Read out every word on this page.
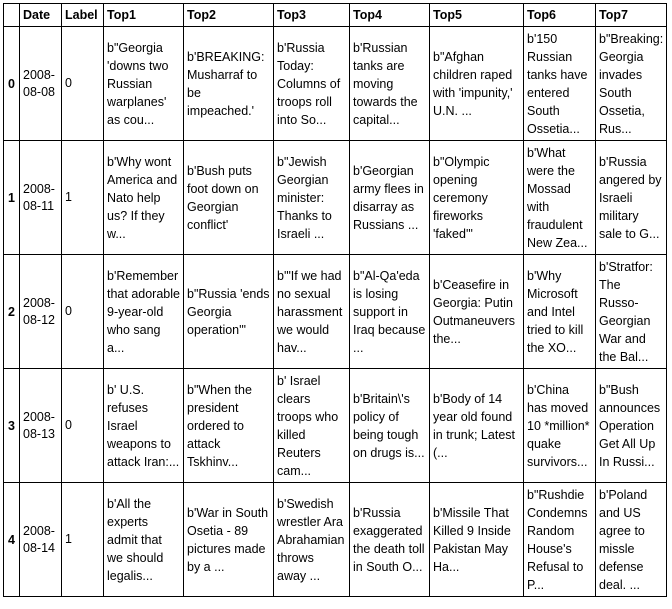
	Date	Label	Top1	Top2	Top3	Top4	Top5	Top6	Top7
0	2008-08-08	0	b"Georgia 'downs two Russian warplanes' as cou...	b'BREAKING: Musharraf to be impeached.'	b'Russia Today: Columns of troops roll into So...	b'Russian tanks are moving towards the capital...	b"Afghan children raped with 'impunity,' U.N. ...	b'150 Russian tanks have entered South Ossetia...	b"Breaking: Georgia invades South Ossetia, Rus...
1	2008-08-11	1	b'Why wont America and Nato help us? If they w...	b'Bush puts foot down on Georgian conflict'	b"Jewish Georgian minister: Thanks to Israeli ...	b'Georgian army flees in disarray as Russians ...	b"Olympic opening ceremony fireworks 'faked'"	b'What were the Mossad with fraudulent New Zea...	b'Russia angered by Israeli military sale to G...
2	2008-08-12	0	b'Remember that adorable 9-year-old who sang a...	b"Russia 'ends Georgia operation'"	b'"If we had no sexual harassment we would hav...	b"Al-Qa'eda is losing support in Iraq because ...	b'Ceasefire in Georgia: Putin Outmaneuvers the...	b'Why Microsoft and Intel tried to kill the XO...	b'Stratfor: The Russo-Georgian War and the Bal...
3	2008-08-13	0	b' U.S. refuses Israel weapons to attack Iran:...	b"When the president ordered to attack Tskhinv...	b' Israel clears troops who killed Reuters cam...	b'Britain\'s policy of being tough on drugs is...	b'Body of 14 year old found in trunk; Latest (...	b'China has moved 10 *million* quake survivors...	b"Bush announces Operation Get All Up In Russi...
4	2008-08-14	1	b'All the experts admit that we should legalis...	b'War in South Osetia - 89 pictures made by a ...	b'Swedish wrestler Ara Abrahamian throws away ...	b'Russia exaggerated the death toll in South O...	b'Missile That Killed 9 Inside Pakistan May Ha...	b"Rushdie Condemns Random House's Refusal to P...	b'Poland and US agree to missle defense deal. ...
